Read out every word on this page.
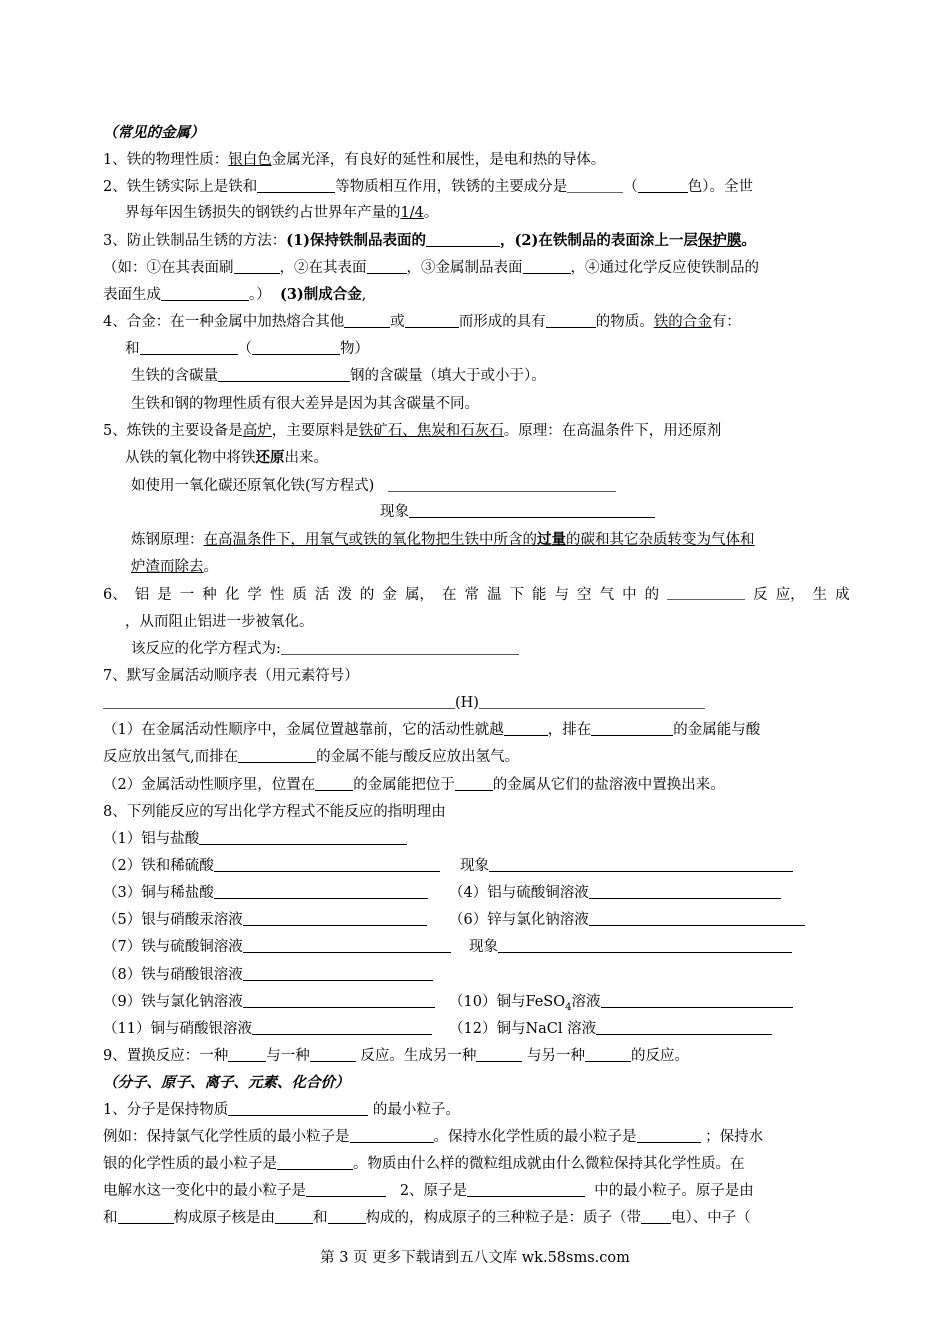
（常见的金属）
1、铁的物理性质：银白色金属光泽，有良好的延性和展性，是电和热的导体。
2、铁生锈实际上是铁和	等物质相互作用，铁锈的主要成分是	（	色）。全世
界每年因生锈损失的钢铁约占世界年产量的1/4。
3、防止铁制品生锈的方法：(1)保持铁制品表面的	，(2)在铁制品的表面涂上一层保护膜。
（如：①在其表面刷	，②在其表面	，③金属制品表面	，④通过化学反应使铁制品的
表面生成	。） (3)制成合金,
4、合金：在一种金属中加热熔合其他	或	而形成的具有	的物质。铁的合金有：
和	（	物）
生铁的含碳量	钢的含碳量（填大于或小于）。
生铁和钢的物理性质有很大差异是因为其含碳量不同。
5、炼铁的主要设备是高炉，主要原料是铁矿石、焦炭和石灰石。原理：在高温条件下，用还原剂
从铁的氧化物中将铁还原出来。
如使用一氧化碳还原氧化铁(写方程式)
现象
炼钢原理：在高温条件下，用氧气或铁的氧化物把生铁中所含的过量的碳和其它杂质转变为气体和
炉渣而除去。
6、 铝 是 一 种 化 学 性 质 活 泼 的 金 属， 在 常 温 下 能 与 空 气 中 的	反 应， 生 成
，从而阻止铝进一步被氧化。
该反应的化学方程式为:
7、默写金属活动顺序表（用元素符号）
(H)
（1）在金属活动性顺序中，金属位置越靠前，它的活动性就越	，排在	的金属能与酸
反应放出氢气,而排在	的金属不能与酸反应放出氢气。
（2）金属活动性顺序里，位置在	的金属能把位于	的金属从它们的盐溶液中置换出来。
8、下列能反应的写出化学方程式不能反应的指明理由
（1）铝与盐酸
（2）铁和稀硫酸	现象
（3）铜与稀盐酸	（4）铝与硫酸铜溶液
（5）银与硝酸汞溶液	（6）锌与氯化钠溶液
（7）铁与硫酸铜溶液	现象
（8）铁与硝酸银溶液
（9）铁与氯化钠溶液	（10）铜与FeSO$_4$溶液
（11）铜与硝酸银溶液	（12）铜与NaCl 溶液
9、置换反应：一种	与一种	反应。生成另一种	与另一种	的反应。
（分子、原子、离子、元素、化合价）
1、分子是保持物质	的最小粒子。
例如：保持氯气化学性质的最小粒子是	。保持水化学性质的最小粒子是	；保持水
银的化学性质的最小粒子是	。物质由什么样的微粒组成就由什么微粒保持其化学性质。在
电解水这一变化中的最小粒子是	2、原子是	中的最小粒子。原子是由
和	构成原子核是由	和	构成的，构成原子的三种粒子是：质子（带 电）、中子（
第 3 页 更多下载请到五八文库 wk.58sms.com
